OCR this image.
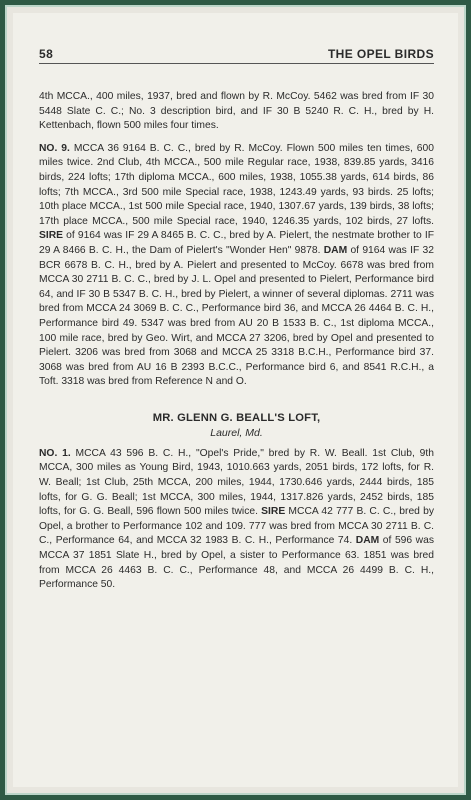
58	THE OPEL BIRDS

4th MCCA., 400 miles, 1937, bred and flown by R. McCoy. 5462 was bred from IF 30 5448 Slate C. C.; No. 3 description bird, and IF 30 B 5240 R. C. H., bred by H. Kettenbach, flown 500 miles four times.

NO. 9. MCCA 36 9164 B. C. C., bred by R. McCoy. Flown 500 miles ten times, 600 miles twice. 2nd Club, 4th MCCA., 500 mile Regular race, 1938, 839.85 yards, 3416 birds, 224 lofts; 17th diploma MCCA., 600 miles, 1938, 1055.38 yards, 614 birds, 86 lofts; 7th MCCA., 3rd 500 mile Special race, 1938, 1243.49 yards, 93 birds. 25 lofts; 10th place MCCA., 1st 500 mile Special race, 1940, 1307.67 yards, 139 birds, 38 lofts; 17th place MCCA., 500 mile Special race, 1940, 1246.35 yards, 102 birds, 27 lofts. SIRE of 9164 was IF 29 A 8465 B. C. C., bred by A. Pielert, the nestmate brother to IF 29 A 8466 B. C. H., the Dam of Pielert's "Wonder Hen" 9878. DAM of 9164 was IF 32 BCR 6678 B. C. H., bred by A. Pielert and presented to McCoy. 6678 was bred from MCCA 30 2711 B. C. C., bred by J. L. Opel and presented to Pielert, Performance bird 64, and IF 30 B 5347 B. C. H., bred by Pielert, a winner of several diplomas. 2711 was bred from MCCA 24 3069 B. C. C., Performance bird 36, and MCCA 26 4464 B. C. H., Performance bird 49. 5347 was bred from AU 20 B 1533 B. C., 1st diploma MCCA., 100 mile race, bred by Geo. Wirt, and MCCA 27 3206, bred by Opel and presented to Pielert. 3206 was bred from 3068 and MCCA 25 3318 B.C.H., Performance bird 37. 3068 was bred from AU 16 B 2393 B.C.C., Performance bird 6, and 8541 R.C.H., a Toft. 3318 was bred from Reference N and O.

MR. GLENN G. BEALL'S LOFT,
Laurel, Md.

NO. 1. MCCA 43 596 B. C. H., "Opel's Pride," bred by R. W. Beall. 1st Club, 9th MCCA, 300 miles as Young Bird, 1943, 1010.663 yards, 2051 birds, 172 lofts, for R. W. Beall; 1st Club, 25th MCCA, 200 miles, 1944, 1730.646 yards, 2444 birds, 185 lofts, for G. G. Beall; 1st MCCA, 300 miles, 1944, 1317.826 yards, 2452 birds, 185 lofts, for G. G. Beall, 596 flown 500 miles twice. SIRE MCCA 42 777 B. C. C., bred by Opel, a brother to Performance 102 and 109. 777 was bred from MCCA 30 2711 B. C. C., Performance 64, and MCCA 32 1983 B. C. H., Performance 74. DAM of 596 was MCCA 37 1851 Slate H., bred by Opel, a sister to Performance 63. 1851 was bred from MCCA 26 4463 B. C. C., Performance 48, and MCCA 26 4499 B. C. H., Performance 50.
